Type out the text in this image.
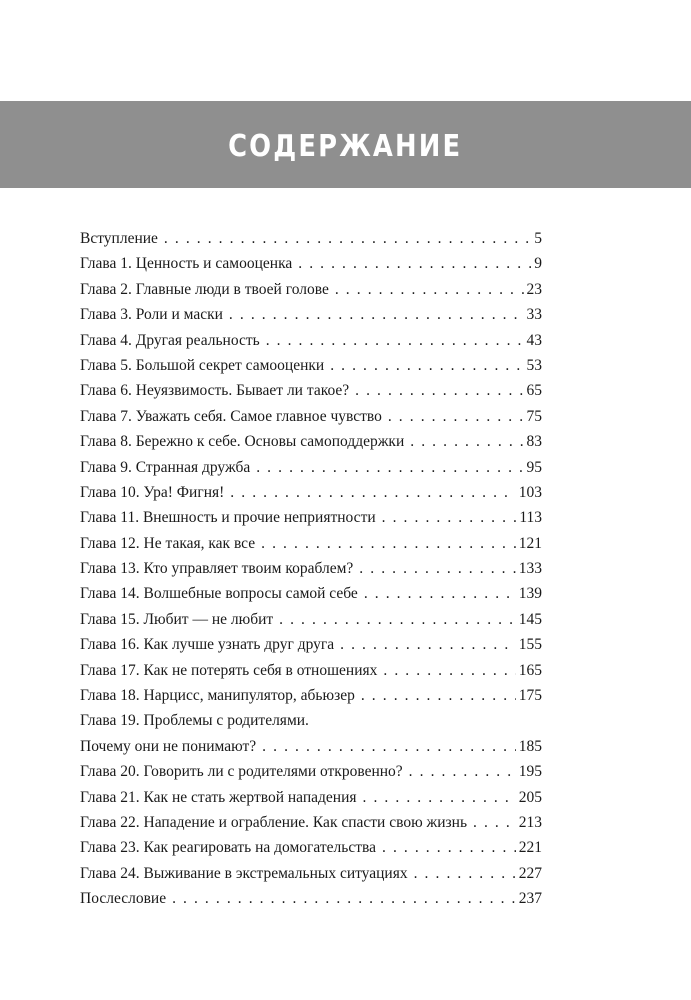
СОДЕРЖАНИЕ
Вступление . . .	5
Глава 1. Ценность и самооценка . . .	9
Глава 2. Главные люди в твоей голове . . .	23
Глава 3. Роли и маски . . .	33
Глава 4. Другая реальность . . .	43
Глава 5. Большой секрет самооценки . . .	53
Глава 6. Неуязвимость. Бывает ли такое? . . .	65
Глава 7. Уважать себя. Самое главное чувство . . .	75
Глава 8. Бережно к себе. Основы самоподдержки . . .	83
Глава 9. Странная дружба . . .	95
Глава 10. Ура! Фигня! . . .	103
Глава 11. Внешность и прочие неприятности . . .	113
Глава 12. Не такая, как все . . .	121
Глава 13. Кто управляет твоим кораблем? . . .	133
Глава 14. Волшебные вопросы самой себе . . .	139
Глава 15. Любит — не любит . . .	145
Глава 16. Как лучше узнать друг друга . . .	155
Глава 17. Как не потерять себя в отношениях . . .	165
Глава 18. Нарцисс, манипулятор, абьюзер . . .	175
Глава 19. Проблемы с родителями.
Почему они не понимают? . . .	185
Глава 20. Говорить ли с родителями откровенно? . . .	195
Глава 21. Как не стать жертвой нападения . . .	205
Глава 22. Нападение и ограбление. Как спасти свою жизнь . . .	213
Глава 23. Как реагировать на домогательства . . .	221
Глава 24. Выживание в экстремальных ситуациях . . .	227
Послесловие . . .	237
